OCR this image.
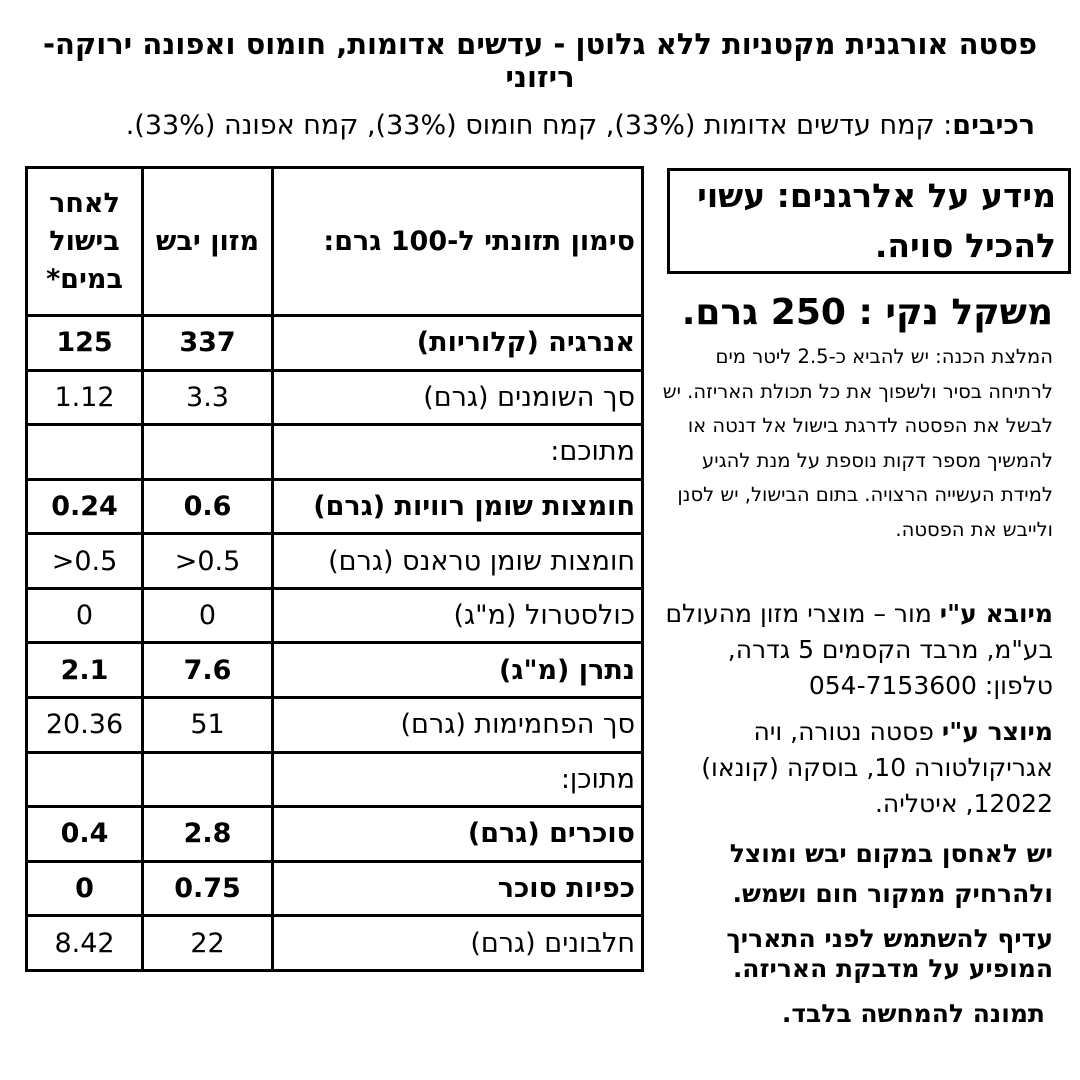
פסטה אורגנית מקטניות ללא גלוטן - עדשים אדומות, חומוס ואפונה ירוקה- ריזוני
רכיבים: קמח עדשים אדומות (33%), קמח חומוס (33%), קמח אפונה (33%).
סימון תזונתי ל-100 גרם:	מזון יבש	לאחר בישול במים*
אנרגיה (קלוריות)	337	125
סך השומנים (גרם)	3.3	1.12
מתוכם:		
חומצות שומן רוויות (גרם)	0.6	0.24
חומצות שומן טראנס (גרם)	>0.5	>0.5
כולסטרול (מ"ג)	0	0
נתרן (מ"ג)	7.6	2.1
סך הפחמימות (גרם)	51	20.36
מתוכן:		
סוכרים (גרם)	2.8	0.4
כפיות סוכר	0.75	0
חלבונים (גרם)	22	8.42
מידע על אלרגנים: עשוי להכיל סויה.
משקל נקי : 250 גרם.
המלצת הכנה: יש להביא כ-2.5 ליטר מים לרתיחה בסיר ולשפוך את כל תכולת האריזה. יש לבשל את הפסטה לדרגת בישול אל דנטה או להמשיך מספר דקות נוספת על מנת להגיע למידת העשייה הרצויה. בתום הבישול, יש לסנן ולייבש את הפסטה.
מיובא ע"י מור – מוצרי מזון מהעולם בע"מ, מרבד הקסמים 5 גדרה, טלפון: 054-7153600
מיוצר ע"י פסטה נטורה, ויה אגריקולטורה 10, בוסקה (קונאו) 12022, איטליה.
יש לאחסן במקום יבש ומוצל ולהרחיק ממקור חום ושמש.
עדיף להשתמש לפני התאריך המופיע על מדבקת האריזה.
תמונה להמחשה בלבד.
